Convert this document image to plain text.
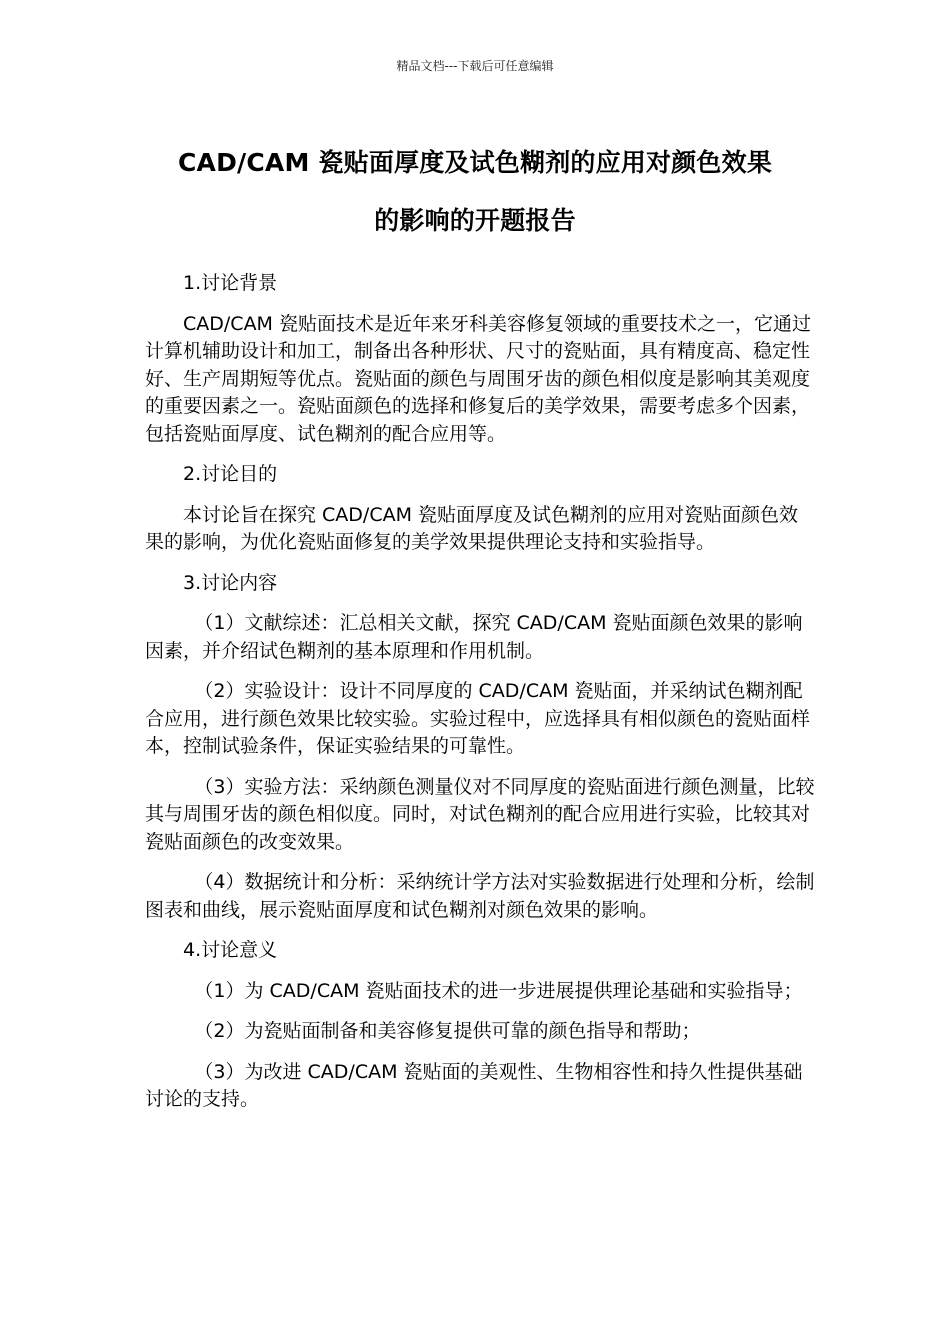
精品文档---下载后可任意编辑
CAD/CAM 瓷贴面厚度及试色糊剂的应用对颜色效果
的影响的开题报告

1.讨论背景

CAD/CAM 瓷贴面技术是近年来牙科美容修复领域的重要技术之一，它通过计算机辅助设计和加工，制备出各种形状、尺寸的瓷贴面，具有精度高、稳定性好、生产周期短等优点。瓷贴面的颜色与周围牙齿的颜色相似度是影响其美观度的重要因素之一。瓷贴面颜色的选择和修复后的美学效果，需要考虑多个因素，包括瓷贴面厚度、试色糊剂的配合应用等。

2.讨论目的

本讨论旨在探究 CAD/CAM 瓷贴面厚度及试色糊剂的应用对瓷贴面颜色效果的影响，为优化瓷贴面修复的美学效果提供理论支持和实验指导。

3.讨论内容

（1）文献综述：汇总相关文献，探究 CAD/CAM 瓷贴面颜色效果的影响因素，并介绍试色糊剂的基本原理和作用机制。

（2）实验设计：设计不同厚度的 CAD/CAM 瓷贴面，并采纳试色糊剂配合应用，进行颜色效果比较实验。实验过程中，应选择具有相似颜色的瓷贴面样本，控制试验条件，保证实验结果的可靠性。

（3）实验方法：采纳颜色测量仪对不同厚度的瓷贴面进行颜色测量，比较其与周围牙齿的颜色相似度。同时，对试色糊剂的配合应用进行实验，比较其对瓷贴面颜色的改变效果。

（4）数据统计和分析：采纳统计学方法对实验数据进行处理和分析，绘制图表和曲线，展示瓷贴面厚度和试色糊剂对颜色效果的影响。

4.讨论意义

（1）为 CAD/CAM 瓷贴面技术的进一步进展提供理论基础和实验指导；

（2）为瓷贴面制备和美容修复提供可靠的颜色指导和帮助；

（3）为改进 CAD/CAM 瓷贴面的美观性、生物相容性和持久性提供基础讨论的支持。
